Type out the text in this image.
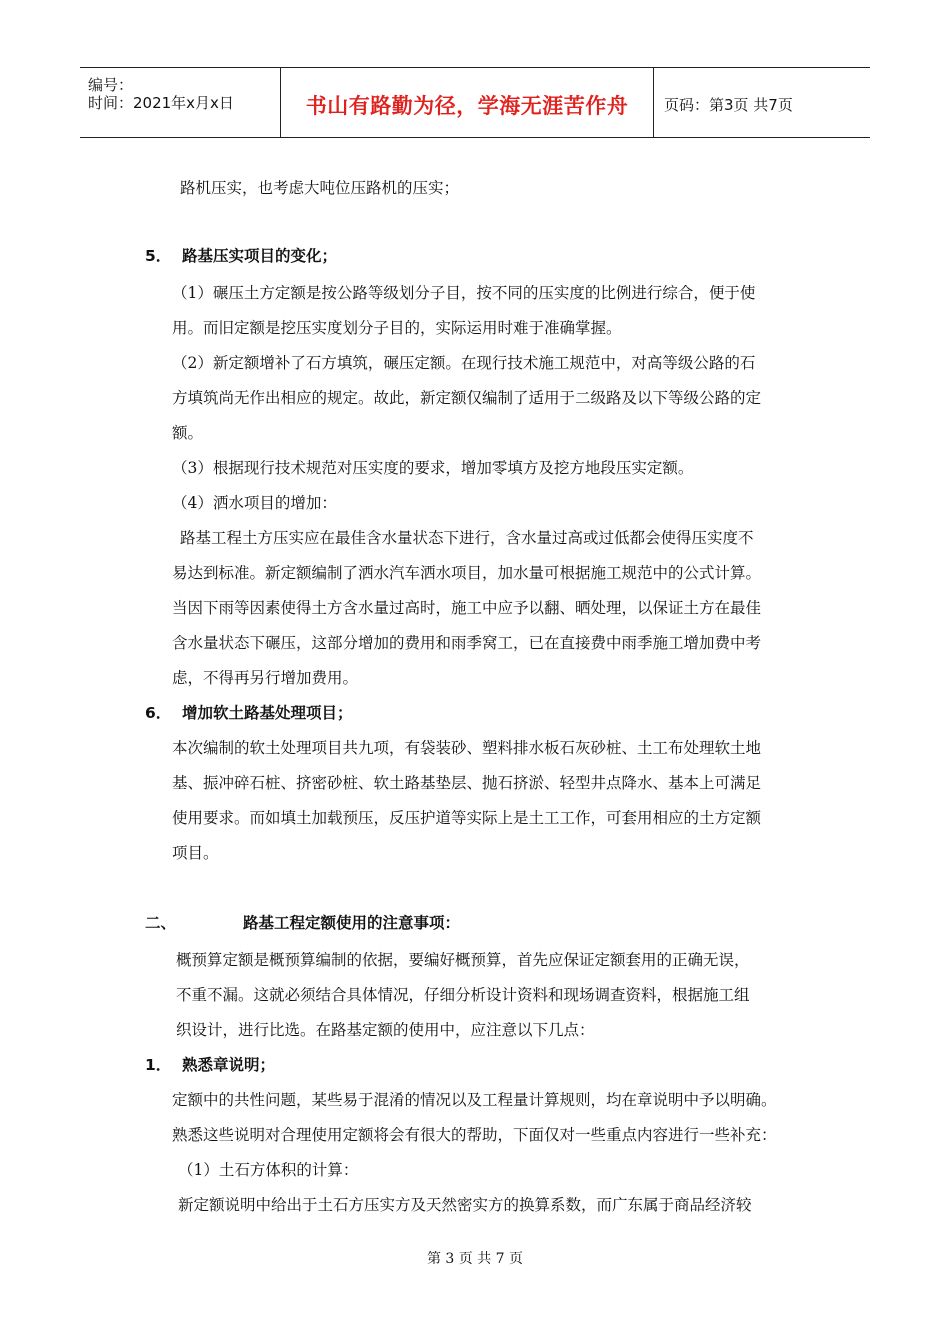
编号：
时间：2021年x月x日	书山有路勤为径，学海无涯苦作舟	页码：第3页 共7页
路机压实，也考虑大吨位压路机的压实；
5． 路基压实项目的变化；
（1）碾压土方定额是按公路等级划分子目，按不同的压实度的比例进行综合，便于使
用。而旧定额是挖压实度划分子目的，实际运用时难于准确掌握。
（2）新定额增补了石方填筑，碾压定额。在现行技术施工规范中，对高等级公路的石
方填筑尚无作出相应的规定。故此，新定额仅编制了适用于二级路及以下等级公路的定
额。
（3）根据现行技术规范对压实度的要求，增加零填方及挖方地段压实定额。
（4）洒水项目的增加：
路基工程土方压实应在最佳含水量状态下进行，含水量过高或过低都会使得压实度不
易达到标准。新定额编制了洒水汽车洒水项目，加水量可根据施工规范中的公式计算。
当因下雨等因素使得土方含水量过高时，施工中应予以翻、晒处理，以保证土方在最佳
含水量状态下碾压，这部分增加的费用和雨季窝工，已在直接费中雨季施工增加费中考
虑，不得再另行增加费用。
6． 增加软土路基处理项目；
本次编制的软土处理项目共九项，有袋装砂、塑料排水板石灰砂桩、土工布处理软土地
基、振冲碎石桩、挤密砂桩、软土路基垫层、抛石挤淤、轻型井点降水、基本上可满足
使用要求。而如填土加载预压，反压护道等实际上是土工工作，可套用相应的土方定额
项目。
二、	路基工程定额使用的注意事项：
概预算定额是概预算编制的依据，要编好概预算，首先应保证定额套用的正确无误，
不重不漏。这就必须结合具体情况，仔细分析设计资料和现场调查资料，根据施工组
织设计，进行比选。在路基定额的使用中，应注意以下几点：
1． 熟悉章说明；
定额中的共性问题，某些易于混淆的情况以及工程量计算规则，均在章说明中予以明确。
熟悉这些说明对合理使用定额将会有很大的帮助，下面仅对一些重点内容进行一些补充：
（1）土石方体积的计算：
新定额说明中给出于土石方压实方及天然密实方的换算系数，而广东属于商品经济较
第 3 页 共 7 页
